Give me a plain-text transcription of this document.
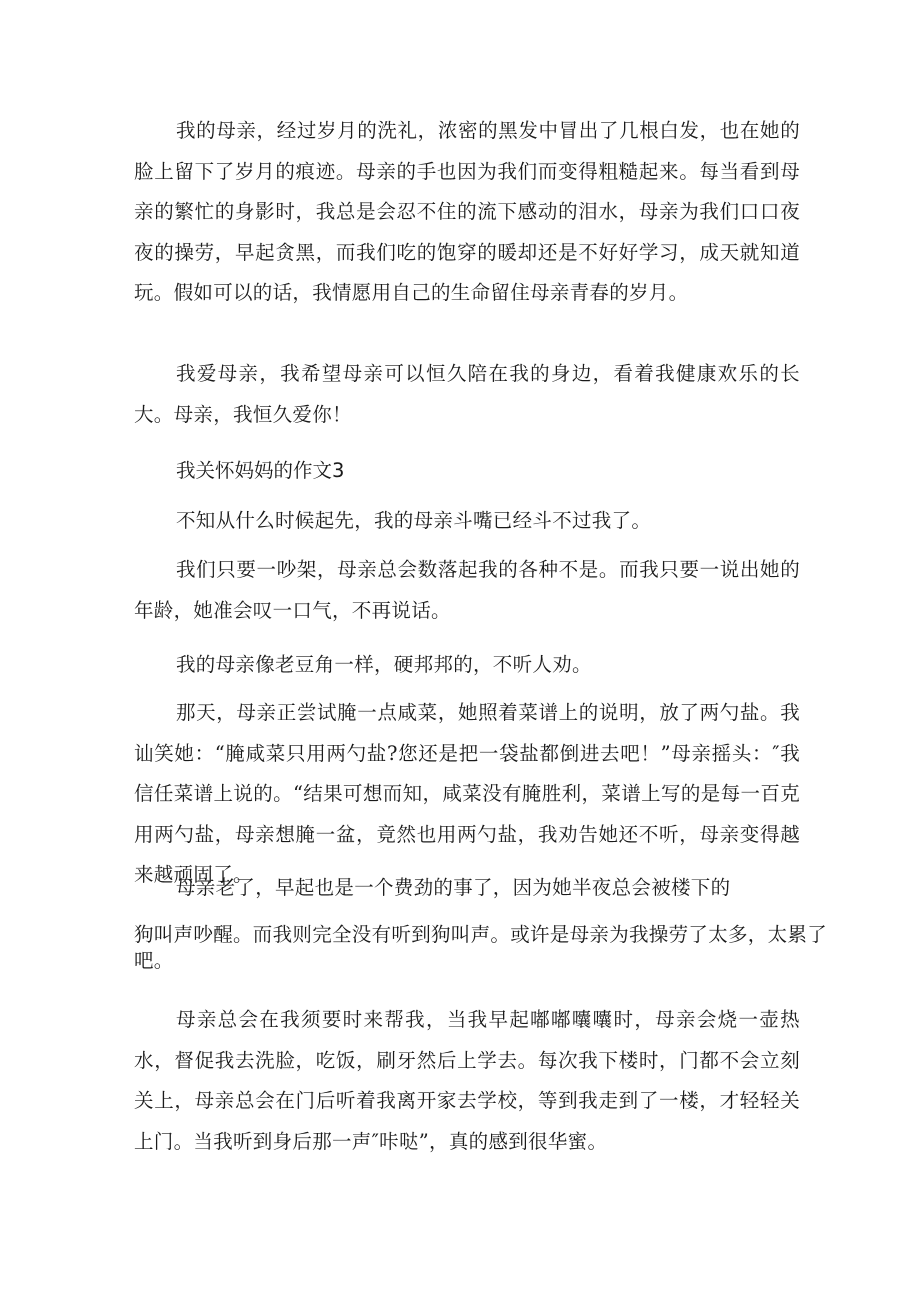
我的母亲，经过岁月的洗礼，浓密的黑发中冒出了几根白发，也在她的脸上留下了岁月的痕迹。母亲的手也因为我们而变得粗糙起来。每当看到母亲的繁忙的身影时，我总是会忍不住的流下感动的泪水，母亲为我们口口夜夜的操劳，早起贪黑，而我们吃的饱穿的暖却还是不好好学习，成天就知道玩。假如可以的话，我情愿用自己的生命留住母亲青春的岁月。

我爱母亲，我希望母亲可以恒久陪在我的身边，看着我健康欢乐的长大。母亲，我恒久爱你！

我关怀妈妈的作文3

不知从什么时候起先，我的母亲斗嘴已经斗不过我了。

我们只要一吵架，母亲总会数落起我的各种不是。而我只要一说出她的年龄，她准会叹一口气，不再说话。

我的母亲像老豆角一样，硬邦邦的，不听人劝。

那天，母亲正尝试腌一点咸菜，她照着菜谱上的说明，放了两勺盐。我讪笑她：“腌咸菜只用两勺盐?您还是把一袋盐都倒进去吧！”母亲摇头：″我信任菜谱上说的。“结果可想而知，咸菜没有腌胜利，菜谱上写的是每一百克用两勺盐，母亲想腌一盆，竟然也用两勺盐，我劝告她还不听，母亲变得越来越顽固了。

母亲老了，早起也是一个费劲的事了，因为她半夜总会被楼下的

狗叫声吵醒。而我则完全没有听到狗叫声。或许是母亲为我操劳了太多，太累了

吧。

母亲总会在我须要时来帮我，当我早起嘟嘟囔囔时，母亲会烧一壶热水，督促我去洗脸，吃饭，刷牙然后上学去。每次我下楼时，门都不会立刻关上，母亲总会在门后听着我离开家去学校，等到我走到了一楼，才轻轻关上门。当我听到身后那一声″咔哒”，真的感到很华蜜。
